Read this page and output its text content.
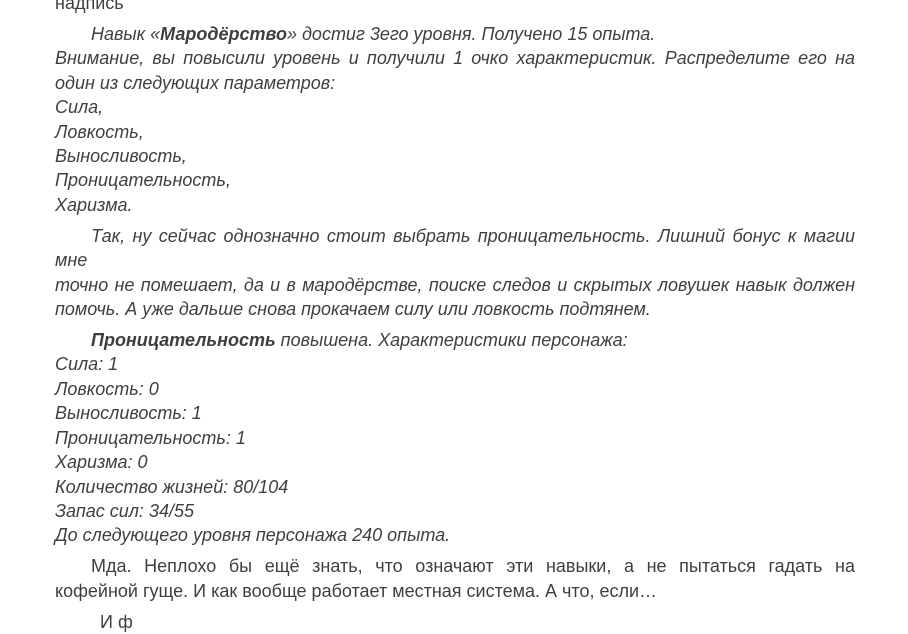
надпись
Навык «Мародёрство» достиг 3его уровня. Получено 15 опыта.
Внимание, вы повысили уровень и получили 1 очко характеристик. Распределите его на
один из следующих параметров:
Сила,
Ловкость,
Выносливость,
Проницательность,
Харизма.
Так, ну сейчас однозначно стоит выбрать проницательность. Лишний бонус к магии мне
точно не помешает, да и в мародёрстве, поиске следов и скрытых ловушек навык должен
помочь. А уже дальше снова прокачаем силу или ловкость подтянем.
Проницательность повышена. Характеристики персонажа:
Сила: 1
Ловкость: 0
Выносливость: 1
Проницательность: 1
Харизма: 0
Количество жизней: 80/104
Запас сил: 34/55
До следующего уровня персонажа 240 опыта.
Мда. Неплохо бы ещё знать, что означают эти навыки, а не пытаться гадать на
кофейной гуще. И как вообще работает местная система. А что, если…
И ф
